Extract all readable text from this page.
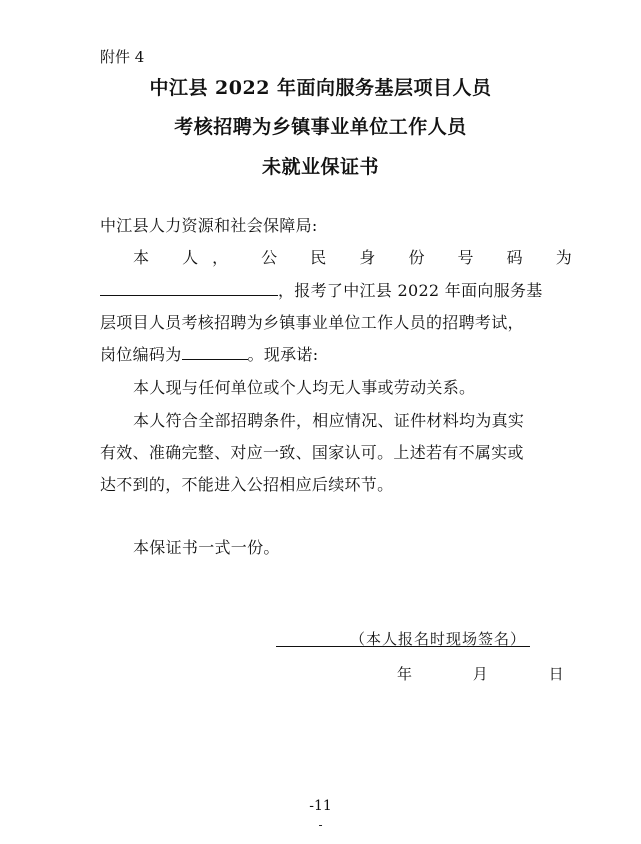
附件 4
中江县 2022 年面向服务基层项目人员
考核招聘为乡镇事业单位工作人员
未就业保证书
中江县人力资源和社会保障局:
本 人 ， 公 民 身 份 号 码 为
，报考了中江县 2022 年面向服务基
层项目人员考核招聘为乡镇事业单位工作人员的招聘考试，
岗位编码为	。现承诺:
本人现与任何单位或个人均无人事或劳动关系。
本人符合全部招聘条件，相应情况、证件材料均为真实
有效、准确完整、对应一致、国家认可。上述若有不属实或
达不到的，不能进入公招相应后续环节。
本保证书一式一份。
（本人报名时现场签名）
年	月	日
-11
-
